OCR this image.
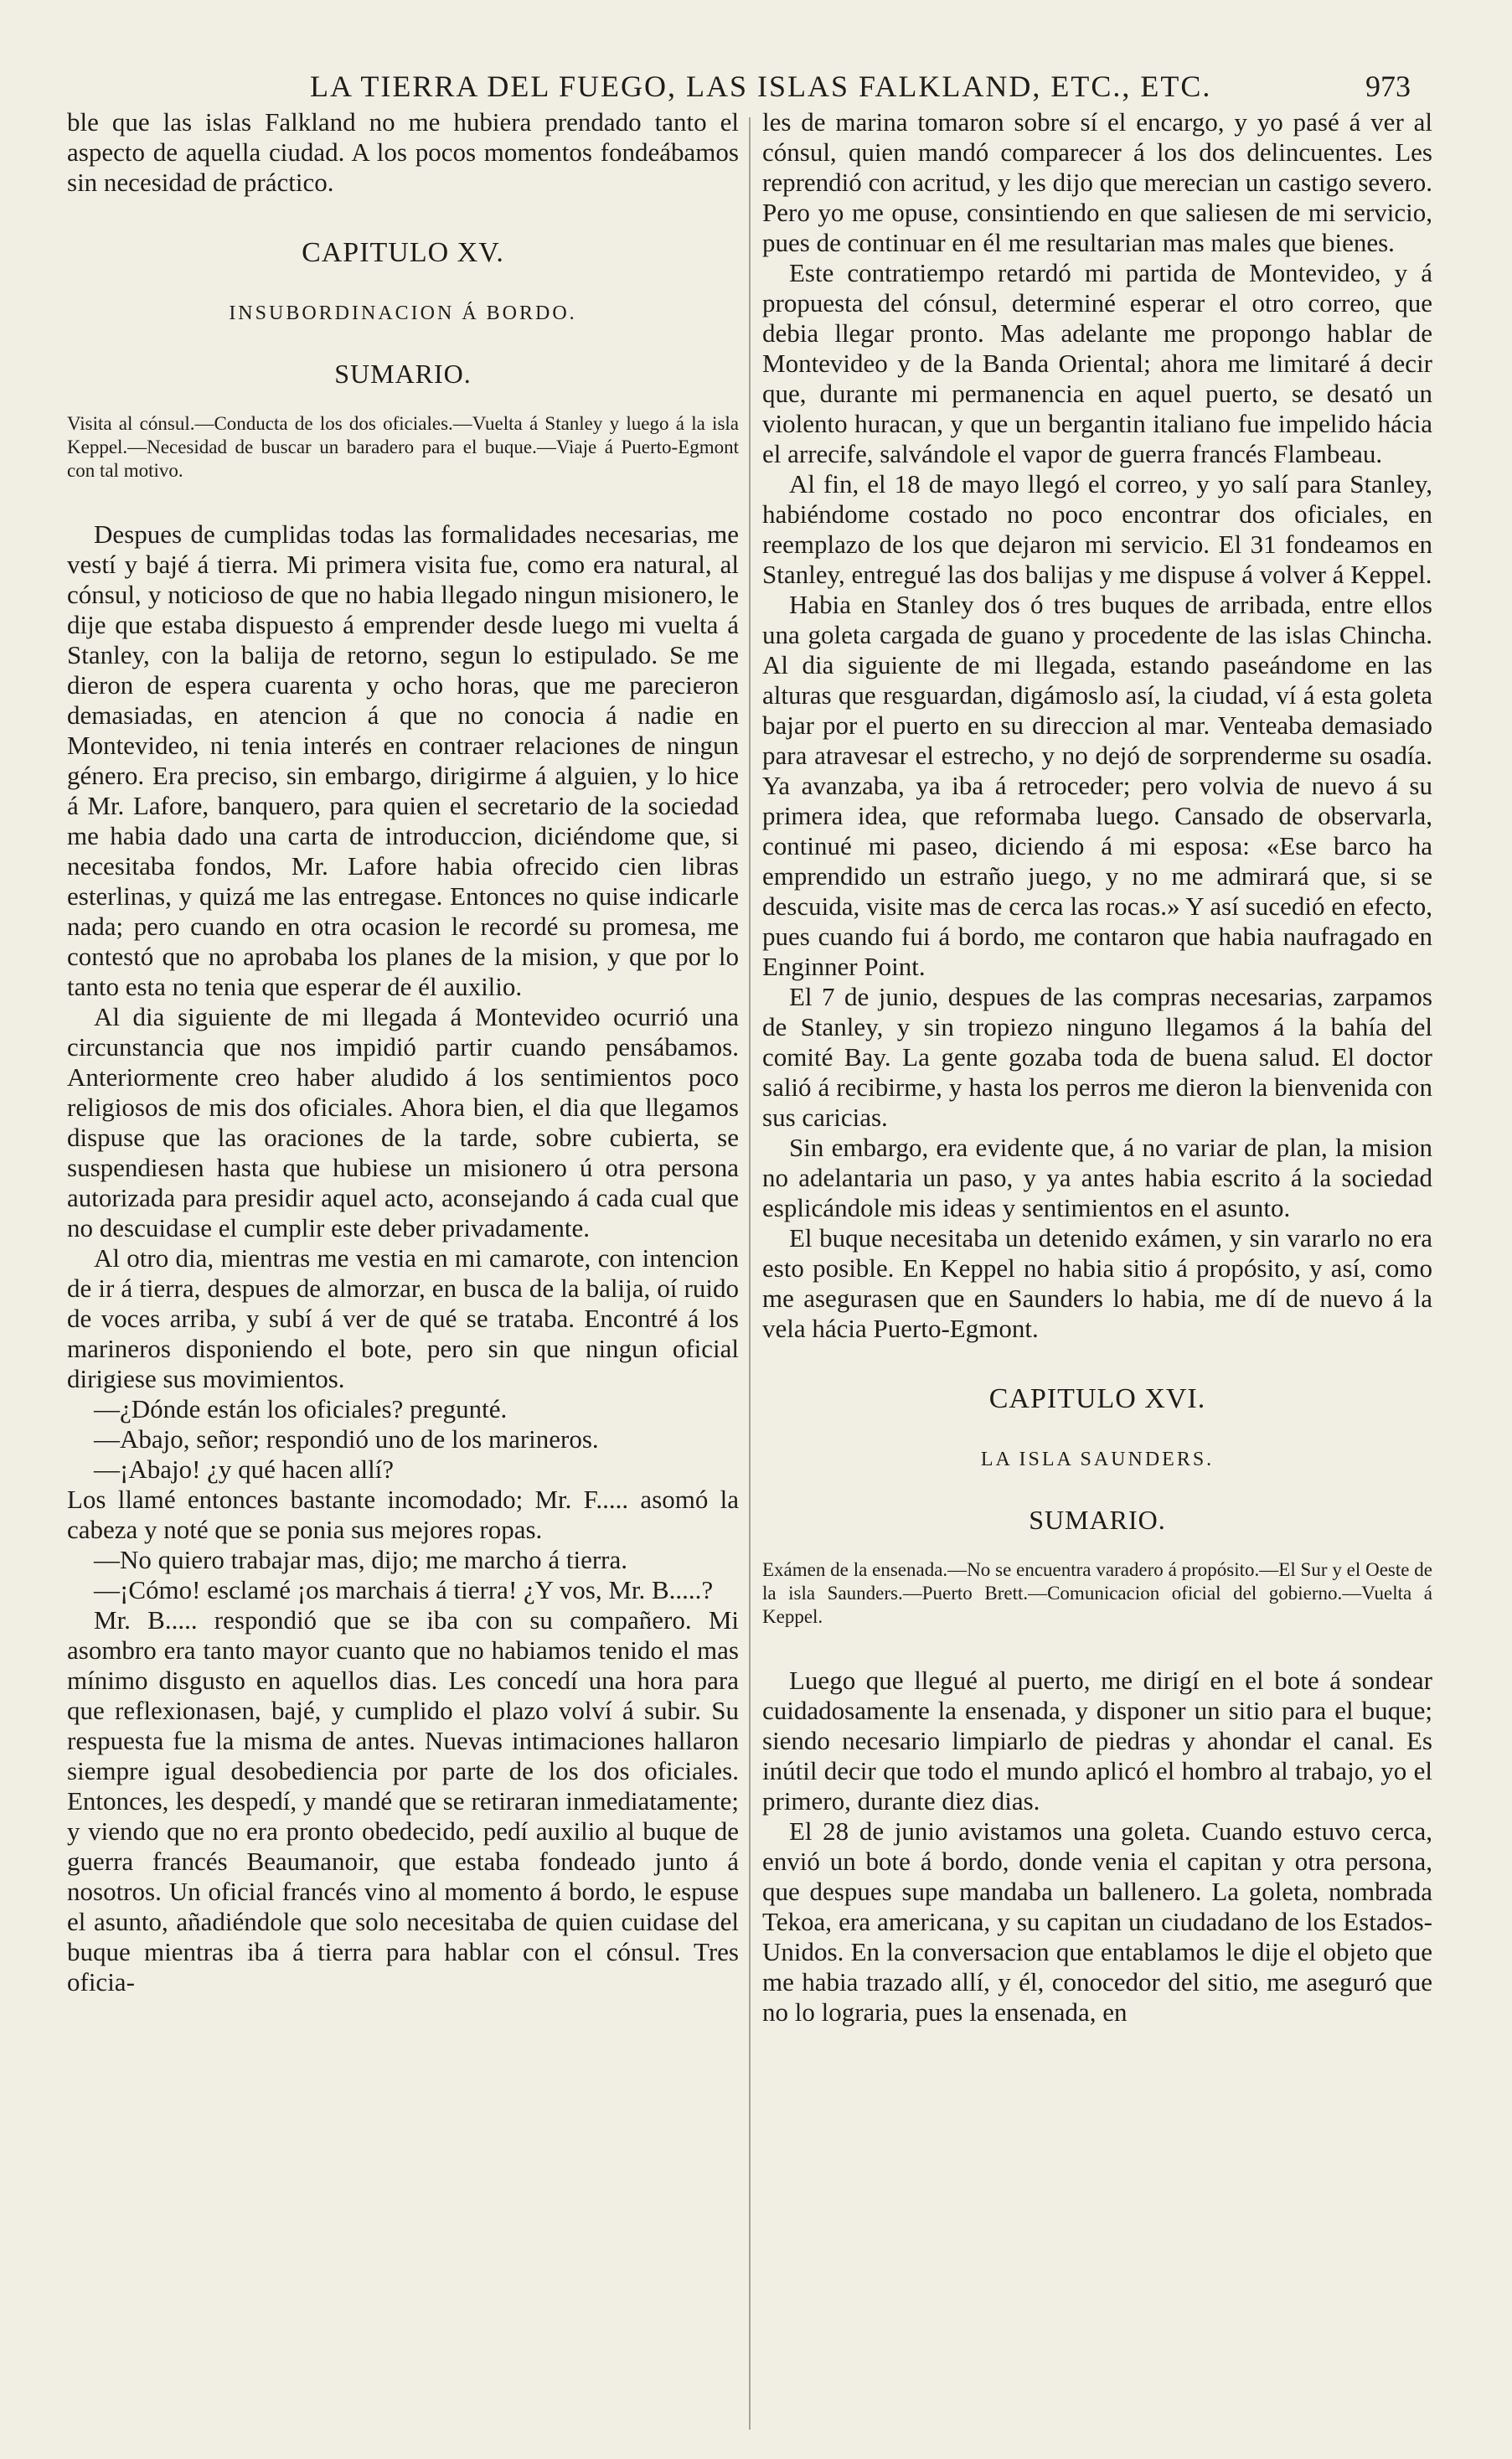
LA TIERRA DEL FUEGO, LAS ISLAS FALKLAND, ETC., ETC.	973

ble que las islas Falkland no me hubiera prendado tanto el aspecto de aquella ciudad. A los pocos momentos fondeábamos sin necesidad de práctico.

CAPITULO XV.
INSUBORDINACION Á BORDO.
SUMARIO.
Visita al cónsul.—Conducta de los dos oficiales.—Vuelta á Stanley y luego á la isla Keppel.—Necesidad de buscar un baradero para el buque.—Viaje á Puerto-Egmont con tal motivo.

Despues de cumplidas todas las formalidades necesarias, me vestí y bajé á tierra. Mi primera visita fue, como era natural, al cónsul, y noticioso de que no habia llegado ningun misionero, le dije que estaba dispuesto á emprender desde luego mi vuelta á Stanley, con la balija de retorno, segun lo estipulado. Se me dieron de espera cuarenta y ocho horas, que me parecieron demasiadas, en atencion á que no conocia á nadie en Montevideo, ni tenia interés en contraer relaciones de ningun género. Era preciso, sin embargo, dirigirme á alguien, y lo hice á Mr. Lafore, banquero, para quien el secretario de la sociedad me habia dado una carta de introduccion, diciéndome que, si necesitaba fondos, Mr. Lafore habia ofrecido cien libras esterlinas, y quizá me las entregase. Entonces no quise indicarle nada; pero cuando en otra ocasion le recordé su promesa, me contestó que no aprobaba los planes de la mision, y que por lo tanto esta no tenia que esperar de él auxilio.

Al dia siguiente de mi llegada á Montevideo ocurrió una circunstancia que nos impidió partir cuando pensábamos. Anteriormente creo haber aludido á los sentimientos poco religiosos de mis dos oficiales. Ahora bien, el dia que llegamos dispuse que las oraciones de la tarde, sobre cubierta, se suspendiesen hasta que hubiese un misionero ú otra persona autorizada para presidir aquel acto, aconsejando á cada cual que no descuidase el cumplir este deber privadamente.

Al otro dia, mientras me vestia en mi camarote, con intencion de ir á tierra, despues de almorzar, en busca de la balija, oí ruido de voces arriba, y subí á ver de qué se trataba. Encontré á los marineros disponiendo el bote, pero sin que ningun oficial dirigiese sus movimientos.

—¿Dónde están los oficiales? pregunté.

—Abajo, señor; respondió uno de los marineros.

—¡Abajo! ¿y qué hacen allí?

Los llamé entonces bastante incomodado; Mr. F..... asomó la cabeza y noté que se ponia sus mejores ropas.

—No quiero trabajar mas, dijo; me marcho á tierra.

—¡Cómo! esclamé ¡os marchais á tierra! ¿Y vos, Mr. B.....?

Mr. B..... respondió que se iba con su compañero. Mi asombro era tanto mayor cuanto que no habiamos tenido el mas mínimo disgusto en aquellos dias. Les concedí una hora para que reflexionasen, bajé, y cumplido el plazo volví á subir. Su respuesta fue la misma de antes. Nuevas intimaciones hallaron siempre igual desobediencia por parte de los dos oficiales. Entonces, les despedí, y mandé que se retiraran inmediatamente; y viendo que no era pronto obedecido, pedí auxilio al buque de guerra francés Beaumanoir, que estaba fondeado junto á nosotros. Un oficial francés vino al momento á bordo, le espuse el asunto, añadiéndole que solo necesitaba de quien cuidase del buque mientras iba á tierra para hablar con el cónsul. Tres oficia-

les de marina tomaron sobre sí el encargo, y yo pasé á ver al cónsul, quien mandó comparecer á los dos delincuentes. Les reprendió con acritud, y les dijo que merecian un castigo severo. Pero yo me opuse, consintiendo en que saliesen de mi servicio, pues de continuar en él me resultarian mas males que bienes.

Este contratiempo retardó mi partida de Montevideo, y á propuesta del cónsul, determiné esperar el otro correo, que debia llegar pronto. Mas adelante me propongo hablar de Montevideo y de la Banda Oriental; ahora me limitaré á decir que, durante mi permanencia en aquel puerto, se desató un violento huracan, y que un bergantin italiano fue impelido hácia el arrecife, salvándole el vapor de guerra francés Flambeau.

Al fin, el 18 de mayo llegó el correo, y yo salí para Stanley, habiéndome costado no poco encontrar dos oficiales, en reemplazo de los que dejaron mi servicio. El 31 fondeamos en Stanley, entregué las dos balijas y me dispuse á volver á Keppel.

Habia en Stanley dos ó tres buques de arribada, entre ellos una goleta cargada de guano y procedente de las islas Chincha. Al dia siguiente de mi llegada, estando paseándome en las alturas que resguardan, digámoslo así, la ciudad, ví á esta goleta bajar por el puerto en su direccion al mar. Venteaba demasiado para atravesar el estrecho, y no dejó de sorprenderme su osadía. Ya avanzaba, ya iba á retroceder; pero volvia de nuevo á su primera idea, que reformaba luego. Cansado de observarla, continué mi paseo, diciendo á mi esposa: «Ese barco ha emprendido un estraño juego, y no me admirará que, si se descuida, visite mas de cerca las rocas.» Y así sucedió en efecto, pues cuando fui á bordo, me contaron que habia naufragado en Enginner Point.

El 7 de junio, despues de las compras necesarias, zarpamos de Stanley, y sin tropiezo ninguno llegamos á la bahía del comité Bay. La gente gozaba toda de buena salud. El doctor salió á recibirme, y hasta los perros me dieron la bienvenida con sus caricias.

Sin embargo, era evidente que, á no variar de plan, la mision no adelantaria un paso, y ya antes habia escrito á la sociedad esplicándole mis ideas y sentimientos en el asunto.

El buque necesitaba un detenido exámen, y sin vararlo no era esto posible. En Keppel no habia sitio á propósito, y así, como me asegurasen que en Saunders lo habia, me dí de nuevo á la vela hácia Puerto-Egmont.

CAPITULO XVI.
LA ISLA SAUNDERS.
SUMARIO.
Exámen de la ensenada.—No se encuentra varadero á propósito.—El Sur y el Oeste de la isla Saunders.—Puerto Brett.—Comunicacion oficial del gobierno.—Vuelta á Keppel.

Luego que llegué al puerto, me dirigí en el bote á sondear cuidadosamente la ensenada, y disponer un sitio para el buque; siendo necesario limpiarlo de piedras y ahondar el canal. Es inútil decir que todo el mundo aplicó el hombro al trabajo, yo el primero, durante diez dias.

El 28 de junio avistamos una goleta. Cuando estuvo cerca, envió un bote á bordo, donde venia el capitan y otra persona, que despues supe mandaba un ballenero. La goleta, nombrada Tekoa, era americana, y su capitan un ciudadano de los Estados-Unidos. En la conversacion que entablamos le dije el objeto que me habia trazado allí, y él, conocedor del sitio, me aseguró que no lo lograria, pues la ensenada, en
